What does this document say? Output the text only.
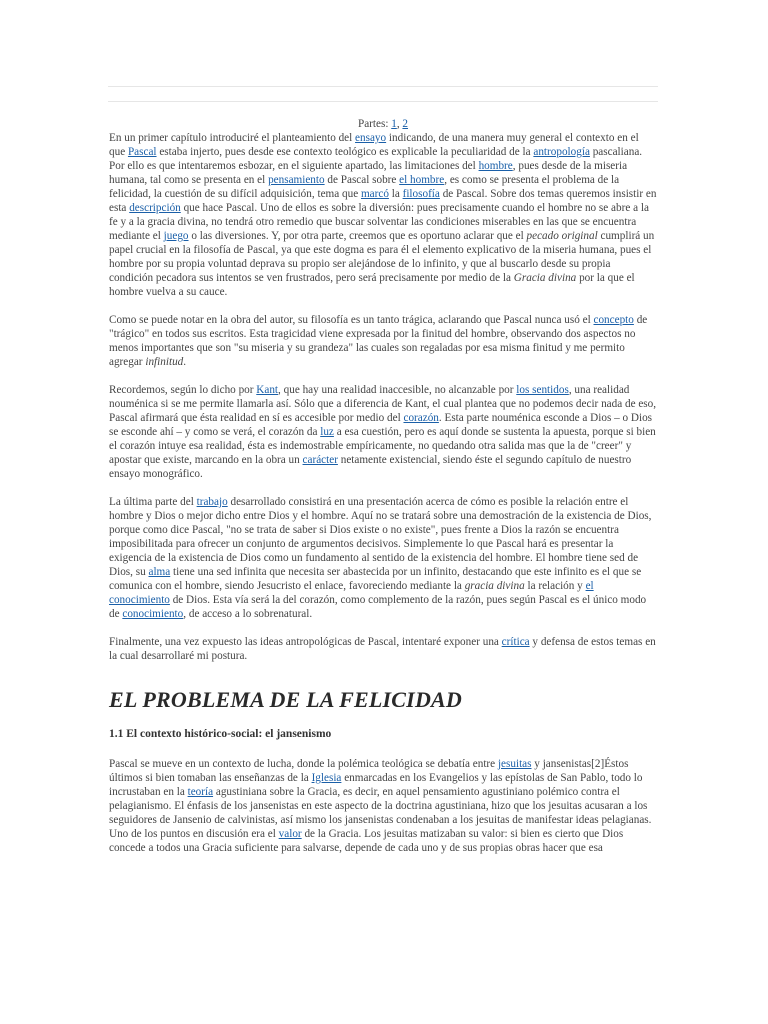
Partes: 1, 2

En un primer capítulo introduciré el planteamiento del ensayo indicando, de una manera muy general el contexto en el que Pascal estaba injerto, pues desde ese contexto teológico es explicable la peculiaridad de la antropología pascaliana. Por ello es que intentaremos esbozar, en el siguiente apartado, las limitaciones del hombre, pues desde de la miseria humana, tal como se presenta en el pensamiento de Pascal sobre el hombre, es como se presenta el problema de la felicidad, la cuestión de su difícil adquisición, tema que marcó la filosofía de Pascal. Sobre dos temas queremos insistir en esta descripción que hace Pascal. Uno de ellos es sobre la diversión: pues precisamente cuando el hombre no se abre a la fe y a la gracia divina, no tendrá otro remedio que buscar solventar las condiciones miserables en las que se encuentra mediante el juego o las diversiones. Y, por otra parte, creemos que es oportuno aclarar que el pecado original cumplirá un papel crucial en la filosofía de Pascal, ya que este dogma es para él el elemento explicativo de la miseria humana, pues el hombre por su propia voluntad deprava su propio ser alejándose de lo infinito, y que al buscarlo desde su propia condición pecadora sus intentos se ven frustrados, pero será precisamente por medio de la Gracia divina por la que el hombre vuelva a su cauce.

Como se puede notar en la obra del autor, su filosofía es un tanto trágica, aclarando que Pascal nunca usó el concepto de "trágico" en todos sus escritos. Esta tragicidad viene expresada por la finitud del hombre, observando dos aspectos no menos importantes que son "su miseria y su grandeza" las cuales son regaladas por esa misma finitud y me permito agregar infinitud.

Recordemos, según lo dicho por Kant, que hay una realidad inaccesible, no alcanzable por los sentidos, una realidad nouménica si se me permite llamarla así. Sólo que a diferencia de Kant, el cual plantea que no podemos decir nada de eso, Pascal afirmará que ésta realidad en sí es accesible por medio del corazón. Esta parte nouménica esconde a Dios – o Dios se esconde ahí – y como se verá, el corazón da luz a esa cuestión, pero es aquí donde se sustenta la apuesta, porque si bien el corazón intuye esa realidad, ésta es indemostrable empíricamente, no quedando otra salida mas que la de "creer" y apostar que existe, marcando en la obra un carácter netamente existencial, siendo éste el segundo capítulo de nuestro ensayo monográfico.

La última parte del trabajo desarrollado consistirá en una presentación acerca de cómo es posible la relación entre el hombre y Dios o mejor dicho entre Dios y el hombre. Aquí no se tratará sobre una demostración de la existencia de Dios, porque como dice Pascal, "no se trata de saber si Dios existe o no existe", pues frente a Dios la razón se encuentra imposibilitada para ofrecer un conjunto de argumentos decisivos. Simplemente lo que Pascal hará es presentar la exigencia de la existencia de Dios como un fundamento al sentido de la existencia del hombre. El hombre tiene sed de Dios, su alma tiene una sed infinita que necesita ser abastecida por un infinito, destacando que este infinito es el que se comunica con el hombre, siendo Jesucristo el enlace, favoreciendo mediante la gracia divina la relación y el conocimiento de Dios. Esta vía será la del corazón, como complemento de la razón, pues según Pascal es el único modo de conocimiento, de acceso a lo sobrenatural.

Finalmente, una vez expuesto las ideas antropológicas de Pascal, intentaré exponer una crítica y defensa de estos temas en la cual desarrollaré mi postura.

EL PROBLEMA DE LA FELICIDAD
1.1 El contexto histórico-social: el jansenismo

Pascal se mueve en un contexto de lucha, donde la polémica teológica se debatía entre jesuitas y jansenistas[2]Éstos últimos si bien tomaban las enseñanzas de la Iglesia enmarcadas en los Evangelios y las epístolas de San Pablo, todo lo incrustaban en la teoría agustiniana sobre la Gracia, es decir, en aquel pensamiento agustiniano polémico contra el pelagianismo. El énfasis de los jansenistas en este aspecto de la doctrina agustiniana, hizo que los jesuitas acusaran a los seguidores de Jansenio de calvinistas, así mismo los jansenistas condenaban a los jesuitas de manifestar ideas pelagianas. Uno de los puntos en discusión era el valor de la Gracia. Los jesuitas matizaban su valor: si bien es cierto que Dios concede a todos una Gracia suficiente para salvarse, depende de cada uno y de sus propias obras hacer que esa
